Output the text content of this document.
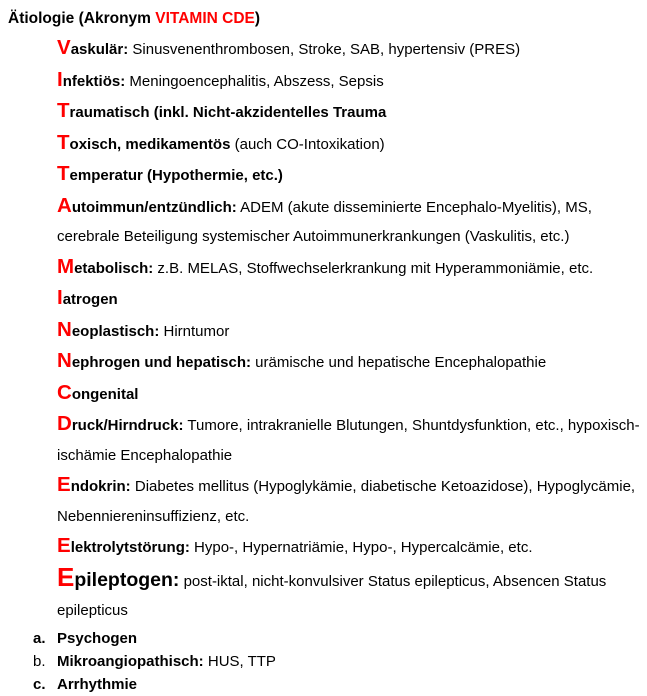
Ätiologie (Akronym VITAMIN CDE)
Vaskulär: Sinusvenenthrombosen, Stroke, SAB, hypertensiv (PRES)
Infektiös: Meningoencephalitis, Abszess, Sepsis
Traumatisch (inkl. Nicht-akzidentelles Trauma
Toxisch, medikamentös (auch CO-Intoxikation)
Temperatur (Hypothermie, etc.)
Autoimmun/entzündlich: ADEM (akute disseminierte Encephalo-Myelitis), MS, cerebrale Beteiligung systemischer Autoimmunerkrankungen (Vaskulitis, etc.)
Metabolisch: z.B. MELAS, Stoffwechselerkrankung mit Hyperammoniämie, etc.
Iatrogen
Neoplastisch: Hirntumor
Nephrogen und hepatisch: urämische und hepatische Encephalopathie
Congenital
Druck/Hirndruck: Tumore, intrakranielle Blutungen, Shuntdysfunktion, etc., hypoxisch-ischämie Encephalopathie
Endokrin: Diabetes mellitus (Hypoglykämie, diabetische Ketoazidose), Hypoglycämie, Nebenniereninsuffizienz, etc.
Elektrolytstörung: Hypo-, Hypernatriämie, Hypo-, Hypercalcämie, etc.
Epileptogen: post-iktal, nicht-konvulsiver Status epilepticus, Absencen Status epilepticus
a. Psychogen
b. Mikroangiopathisch: HUS, TTP
c. Arrhythmie
